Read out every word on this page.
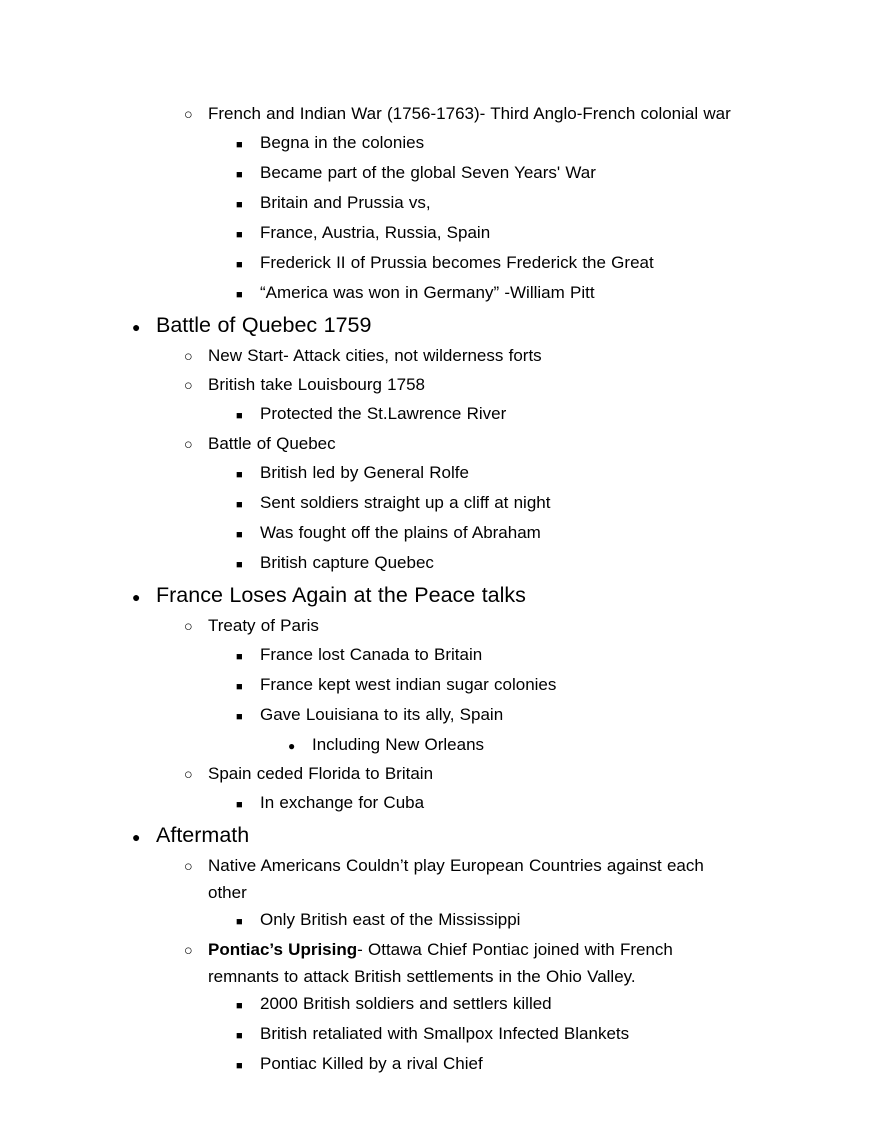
○ French and Indian War (1756-1763)- Third Anglo-French colonial war
■	Begna in the colonies
■	Became part of the global Seven Years' War
■	Britain and Prussia vs,
■	France, Austria, Russia, Spain
■	Frederick II of Prussia becomes Frederick the Great
■	“America was won in Germany” -William Pitt
● Battle of Quebec 1759
○ New Start- Attack cities, not wilderness forts
○ British take Louisbourg 1758
■	Protected the St.Lawrence River
○ Battle of Quebec
■	British led by General Rolfe
■	Sent soldiers straight up a cliff at night
■	Was fought off the plains of Abraham
■	British capture Quebec
● France Loses Again at the Peace talks
○ Treaty of Paris
■	France lost Canada to Britain
■	France kept west indian sugar colonies
■	Gave Louisiana to its ally, Spain
● Including New Orleans
○ Spain ceded Florida to Britain
■	In exchange for Cuba
● Aftermath
○ Native Americans Couldn’t play European Countries against each other
■	Only British east of the Mississippi
○ Pontiac’s Uprising- Ottawa Chief Pontiac joined with French remnants to attack British settlements in the Ohio Valley.
■	2000 British soldiers and settlers killed
■	British retaliated with Smallpox Infected Blankets
■	Pontiac Killed by a rival Chief
